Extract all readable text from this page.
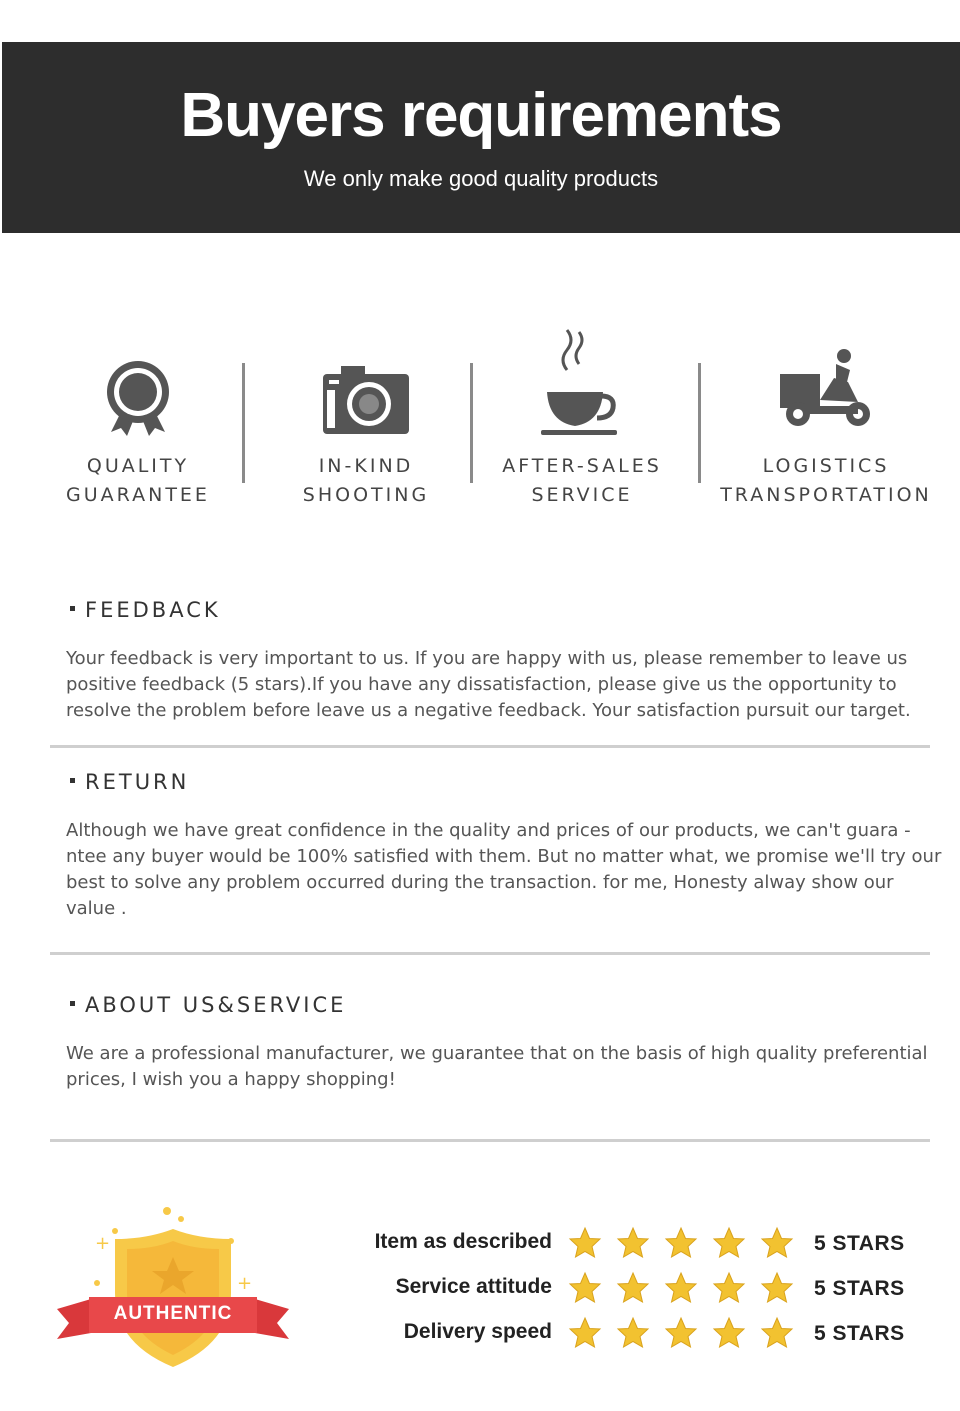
Buyers requirements
We only make good quality products
QUALITY
GUARANTEE
IN-KIND
SHOOTING
AFTER-SALES
SERVICE
LOGISTICS
TRANSPORTATION
FEEDBACK

Your feedback is very important to us. If you are happy with us, please remember to leave us positive feedback (5 stars).If you have any dissatisfaction, please give us the opportunity to resolve the problem before leave us a negative feedback. Your satisfaction pursuit our target.

RETURN

Although we have great confidence in the quality and prices of our products, we can't guara -ntee any buyer would be 100% satisfied with them. But no matter what, we promise we'll try our best to solve any problem occurred during the transaction. for me, Honesty alway show our value .

ABOUT US&SERVICE

We are a professional manufacturer, we guarantee that on the basis of high quality preferential prices, I wish you a happy shopping!

+
+
AUTHENTIC
Item as described	5 STARS
Service attitude	5 STARS
Delivery speed	5 STARS
